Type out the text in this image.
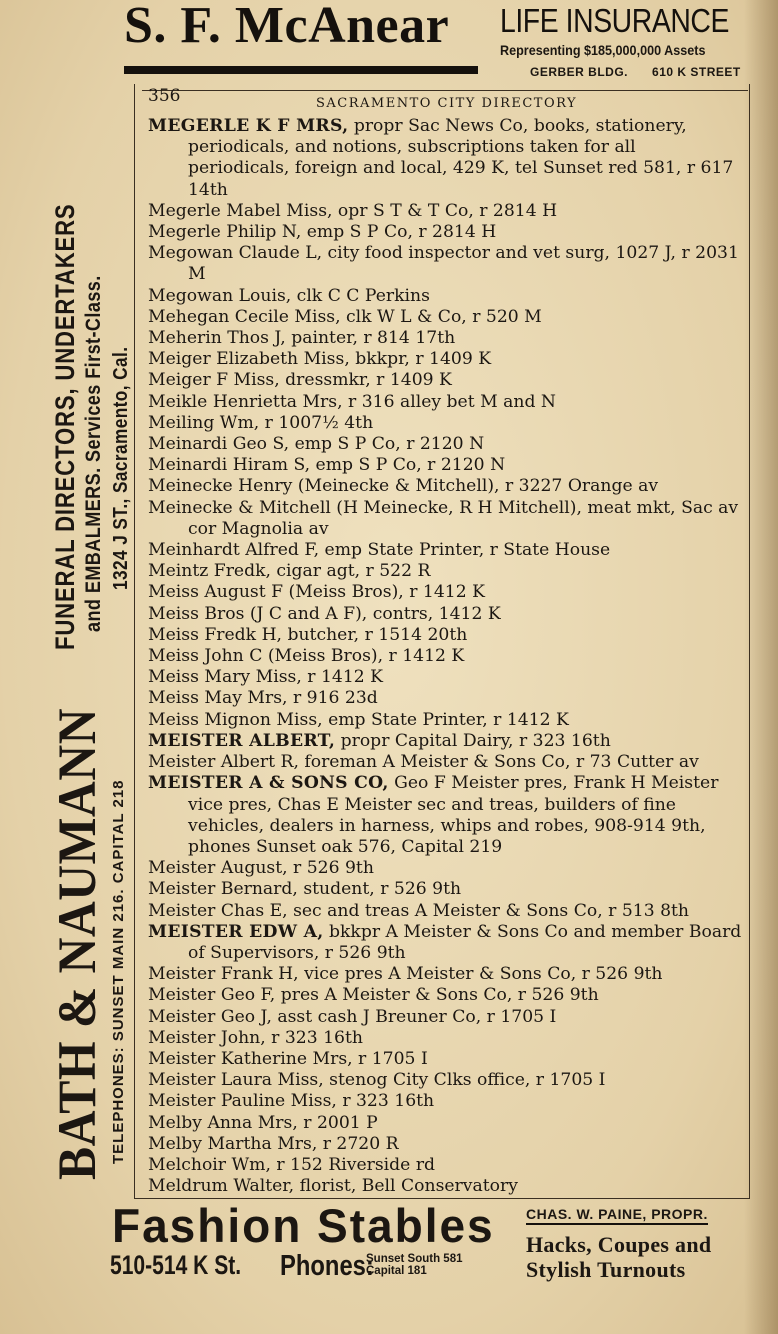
S. F. McAnear LIFE INSURANCE
Representing $185,000,000 Assets
GERBER BLDG. 610 K STREET
BATH & NAUMANN TELEPHONES: SUNSET MAIN 216. CAPITAL 218
FUNERAL DIRECTORS, UNDERTAKERS and EMBALMERS. Services First-Class. 1324 J ST., Sacramento, Cal.
356	SACRAMENTO CITY DIRECTORY
MEGERLE K F MRS, propr Sac News Co, books, stationery, periodicals, and notions, subscriptions taken for all periodicals, foreign and local, 429 K, tel Sunset red 581, r 617 14th
Megerle Mabel Miss, opr S T & T Co, r 2814 H
Megerle Philip N, emp S P Co, r 2814 H
Megowan Claude L, city food inspector and vet surg, 1027 J, r 2031 M
Megowan Louis, clk C C Perkins
Mehegan Cecile Miss, clk W L & Co, r 520 M
Meherin Thos J, painter, r 814 17th
Meiger Elizabeth Miss, bkkpr, r 1409 K
Meiger F Miss, dressmkr, r 1409 K
Meikle Henrietta Mrs, r 316 alley bet M and N
Meiling Wm, r 1007½ 4th
Meinardi Geo S, emp S P Co, r 2120 N
Meinardi Hiram S, emp S P Co, r 2120 N
Meinecke Henry (Meinecke & Mitchell), r 3227 Orange av
Meinecke & Mitchell (H Meinecke, R H Mitchell), meat mkt, Sac av cor Magnolia av
Meinhardt Alfred F, emp State Printer, r State House
Meintz Fredk, cigar agt, r 522 R
Meiss August F (Meiss Bros), r 1412 K
Meiss Bros (J C and A F), contrs, 1412 K
Meiss Fredk H, butcher, r 1514 20th
Meiss John C (Meiss Bros), r 1412 K
Meiss Mary Miss, r 1412 K
Meiss May Mrs, r 916 23d
Meiss Mignon Miss, emp State Printer, r 1412 K
MEISTER ALBERT, propr Capital Dairy, r 323 16th
Meister Albert R, foreman A Meister & Sons Co, r 73 Cutter av
MEISTER A & SONS CO, Geo F Meister pres, Frank H Meister vice pres, Chas E Meister sec and treas, builders of fine vehicles, dealers in harness, whips and robes, 908-914 9th, phones Sunset oak 576, Capital 219
Meister August, r 526 9th
Meister Bernard, student, r 526 9th
Meister Chas E, sec and treas A Meister & Sons Co, r 513 8th
MEISTER EDW A, bkkpr A Meister & Sons Co and member Board of Supervisors, r 526 9th
Meister Frank H, vice pres A Meister & Sons Co, r 526 9th
Meister Geo F, pres A Meister & Sons Co, r 526 9th
Meister Geo J, asst cash J Breuner Co, r 1705 I
Meister John, r 323 16th
Meister Katherine Mrs, r 1705 I
Meister Laura Miss, stenog City Clks office, r 1705 I
Meister Pauline Miss, r 323 16th
Melby Anna Mrs, r 2001 P
Melby Martha Mrs, r 2720 R
Melchoir Wm, r 152 Riverside rd
Meldrum Walter, florist, Bell Conservatory
Fashion Stables
510-514 K St. Phones:
Sunset South 581
Capital 181
CHAS. W. PAINE, PROPR.
Hacks, Coupes and
Stylish Turnouts
